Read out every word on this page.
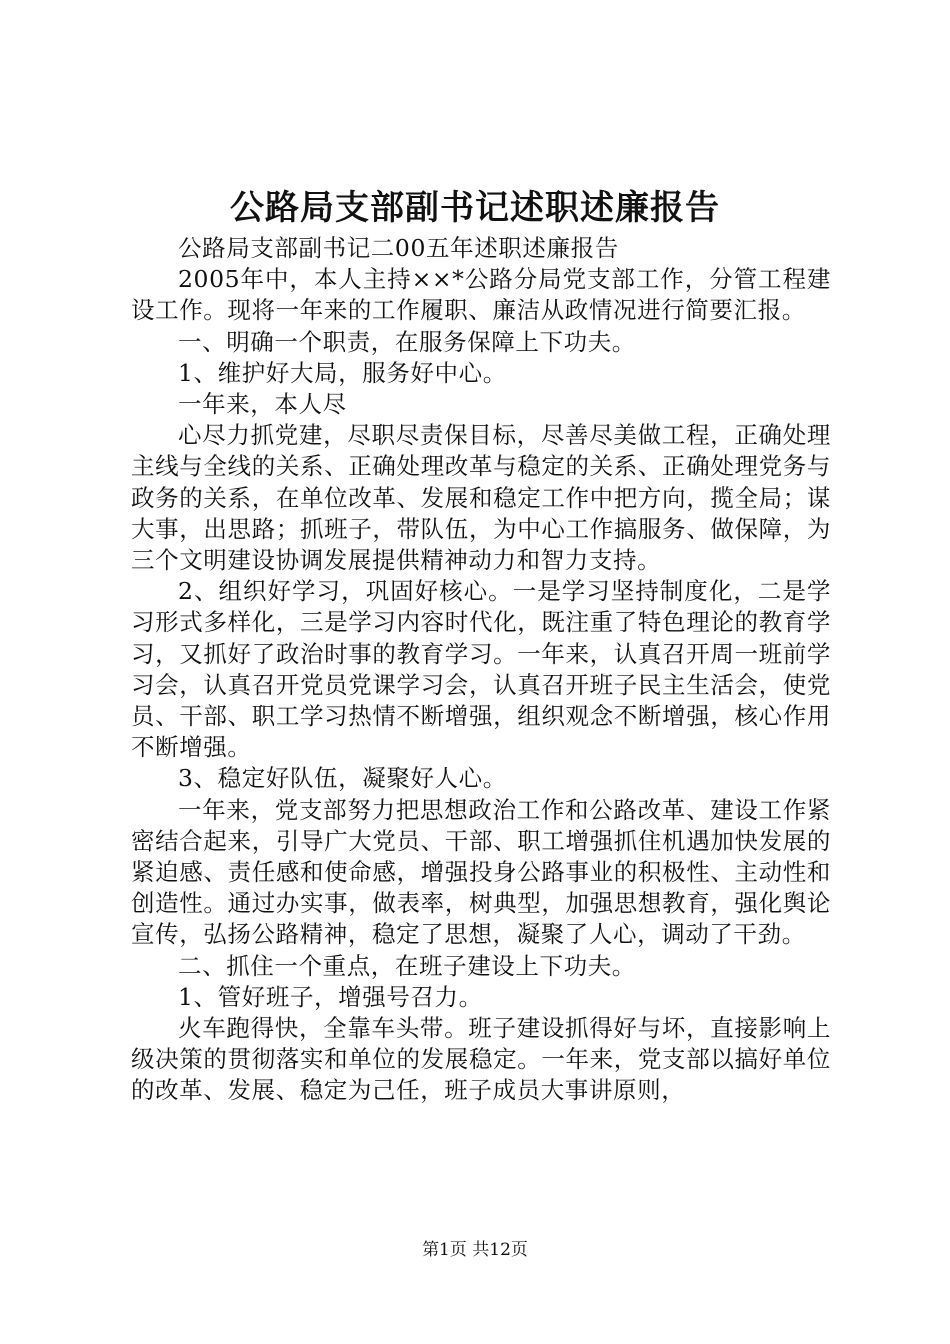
公路局支部副书记述职述廉报告

公路局支部副书记二00五年述职述廉报告

2005年中，本人主持××*公路分局党支部工作，分管工程建设工作。现将一年来的工作履职、廉洁从政情况进行简要汇报。

一、明确一个职责，在服务保障上下功夫。

1、维护好大局，服务好中心。

一年来，本人尽

心尽力抓党建，尽职尽责保目标，尽善尽美做工程，正确处理主线与全线的关系、正确处理改革与稳定的关系、正确处理党务与政务的关系，在单位改革、发展和稳定工作中把方向，揽全局；谋大事，出思路；抓班子，带队伍，为中心工作搞服务、做保障，为三个文明建设协调发展提供精神动力和智力支持。

2、组织好学习，巩固好核心。一是学习坚持制度化，二是学习形式多样化，三是学习内容时代化，既注重了特色理论的教育学习，又抓好了政治时事的教育学习。一年来，认真召开周一班前学习会，认真召开党员党课学习会，认真召开班子民主生活会，使党员、干部、职工学习热情不断增强，组织观念不断增强，核心作用不断增强。

3、稳定好队伍，凝聚好人心。

一年来，党支部努力把思想政治工作和公路改革、建设工作紧密结合起来，引导广大党员、干部、职工增强抓住机遇加快发展的紧迫感、责任感和使命感，增强投身公路事业的积极性、主动性和创造性。通过办实事，做表率，树典型，加强思想教育，强化舆论宣传，弘扬公路精神，稳定了思想，凝聚了人心，调动了干劲。

二、抓住一个重点，在班子建设上下功夫。

1、管好班子，增强号召力。

火车跑得快，全靠车头带。班子建设抓得好与坏，直接影响上级决策的贯彻落实和单位的发展稳定。一年来，党支部以搞好单位的改革、发展、稳定为己任，班子成员大事讲原则，

第1页 共12页
